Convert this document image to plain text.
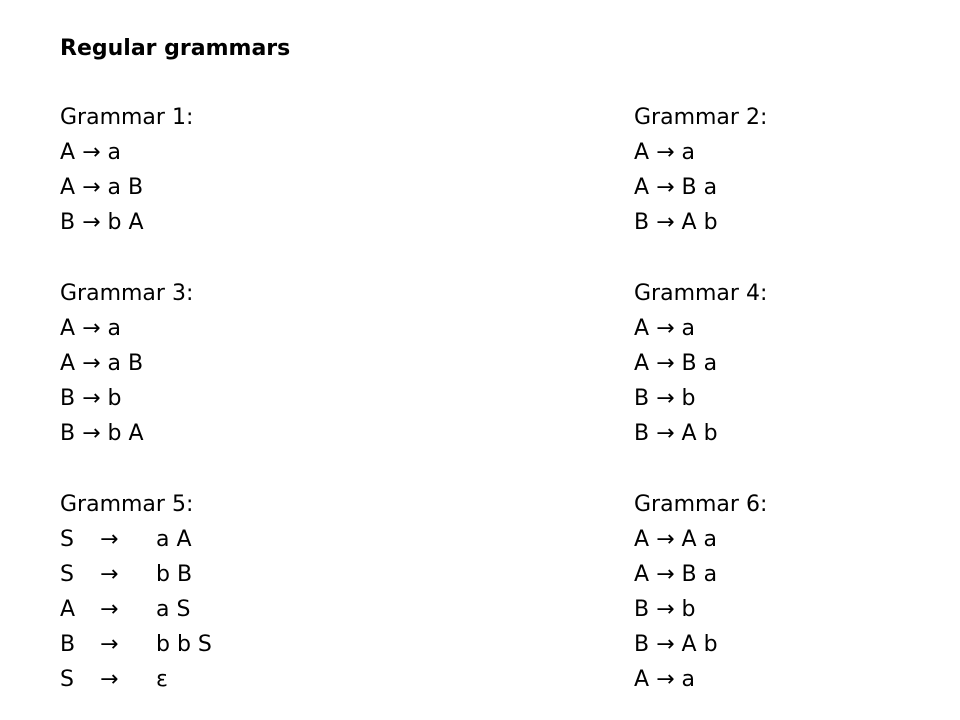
Regular grammars
Grammar 1:
A → a
A → a B
B → b A
Grammar 2:
A → a
A → B a
B → A b
Grammar 3:
A → a
A → a B
B → b
B → b A
Grammar 4:
A → a
A → B a
B → b
B → A b
Grammar 5:
S → a A
S → b B
A → a S
B → b b S
S → ε
Grammar 6:
A → A a
A → B a
B → b
B → A b
A → a
